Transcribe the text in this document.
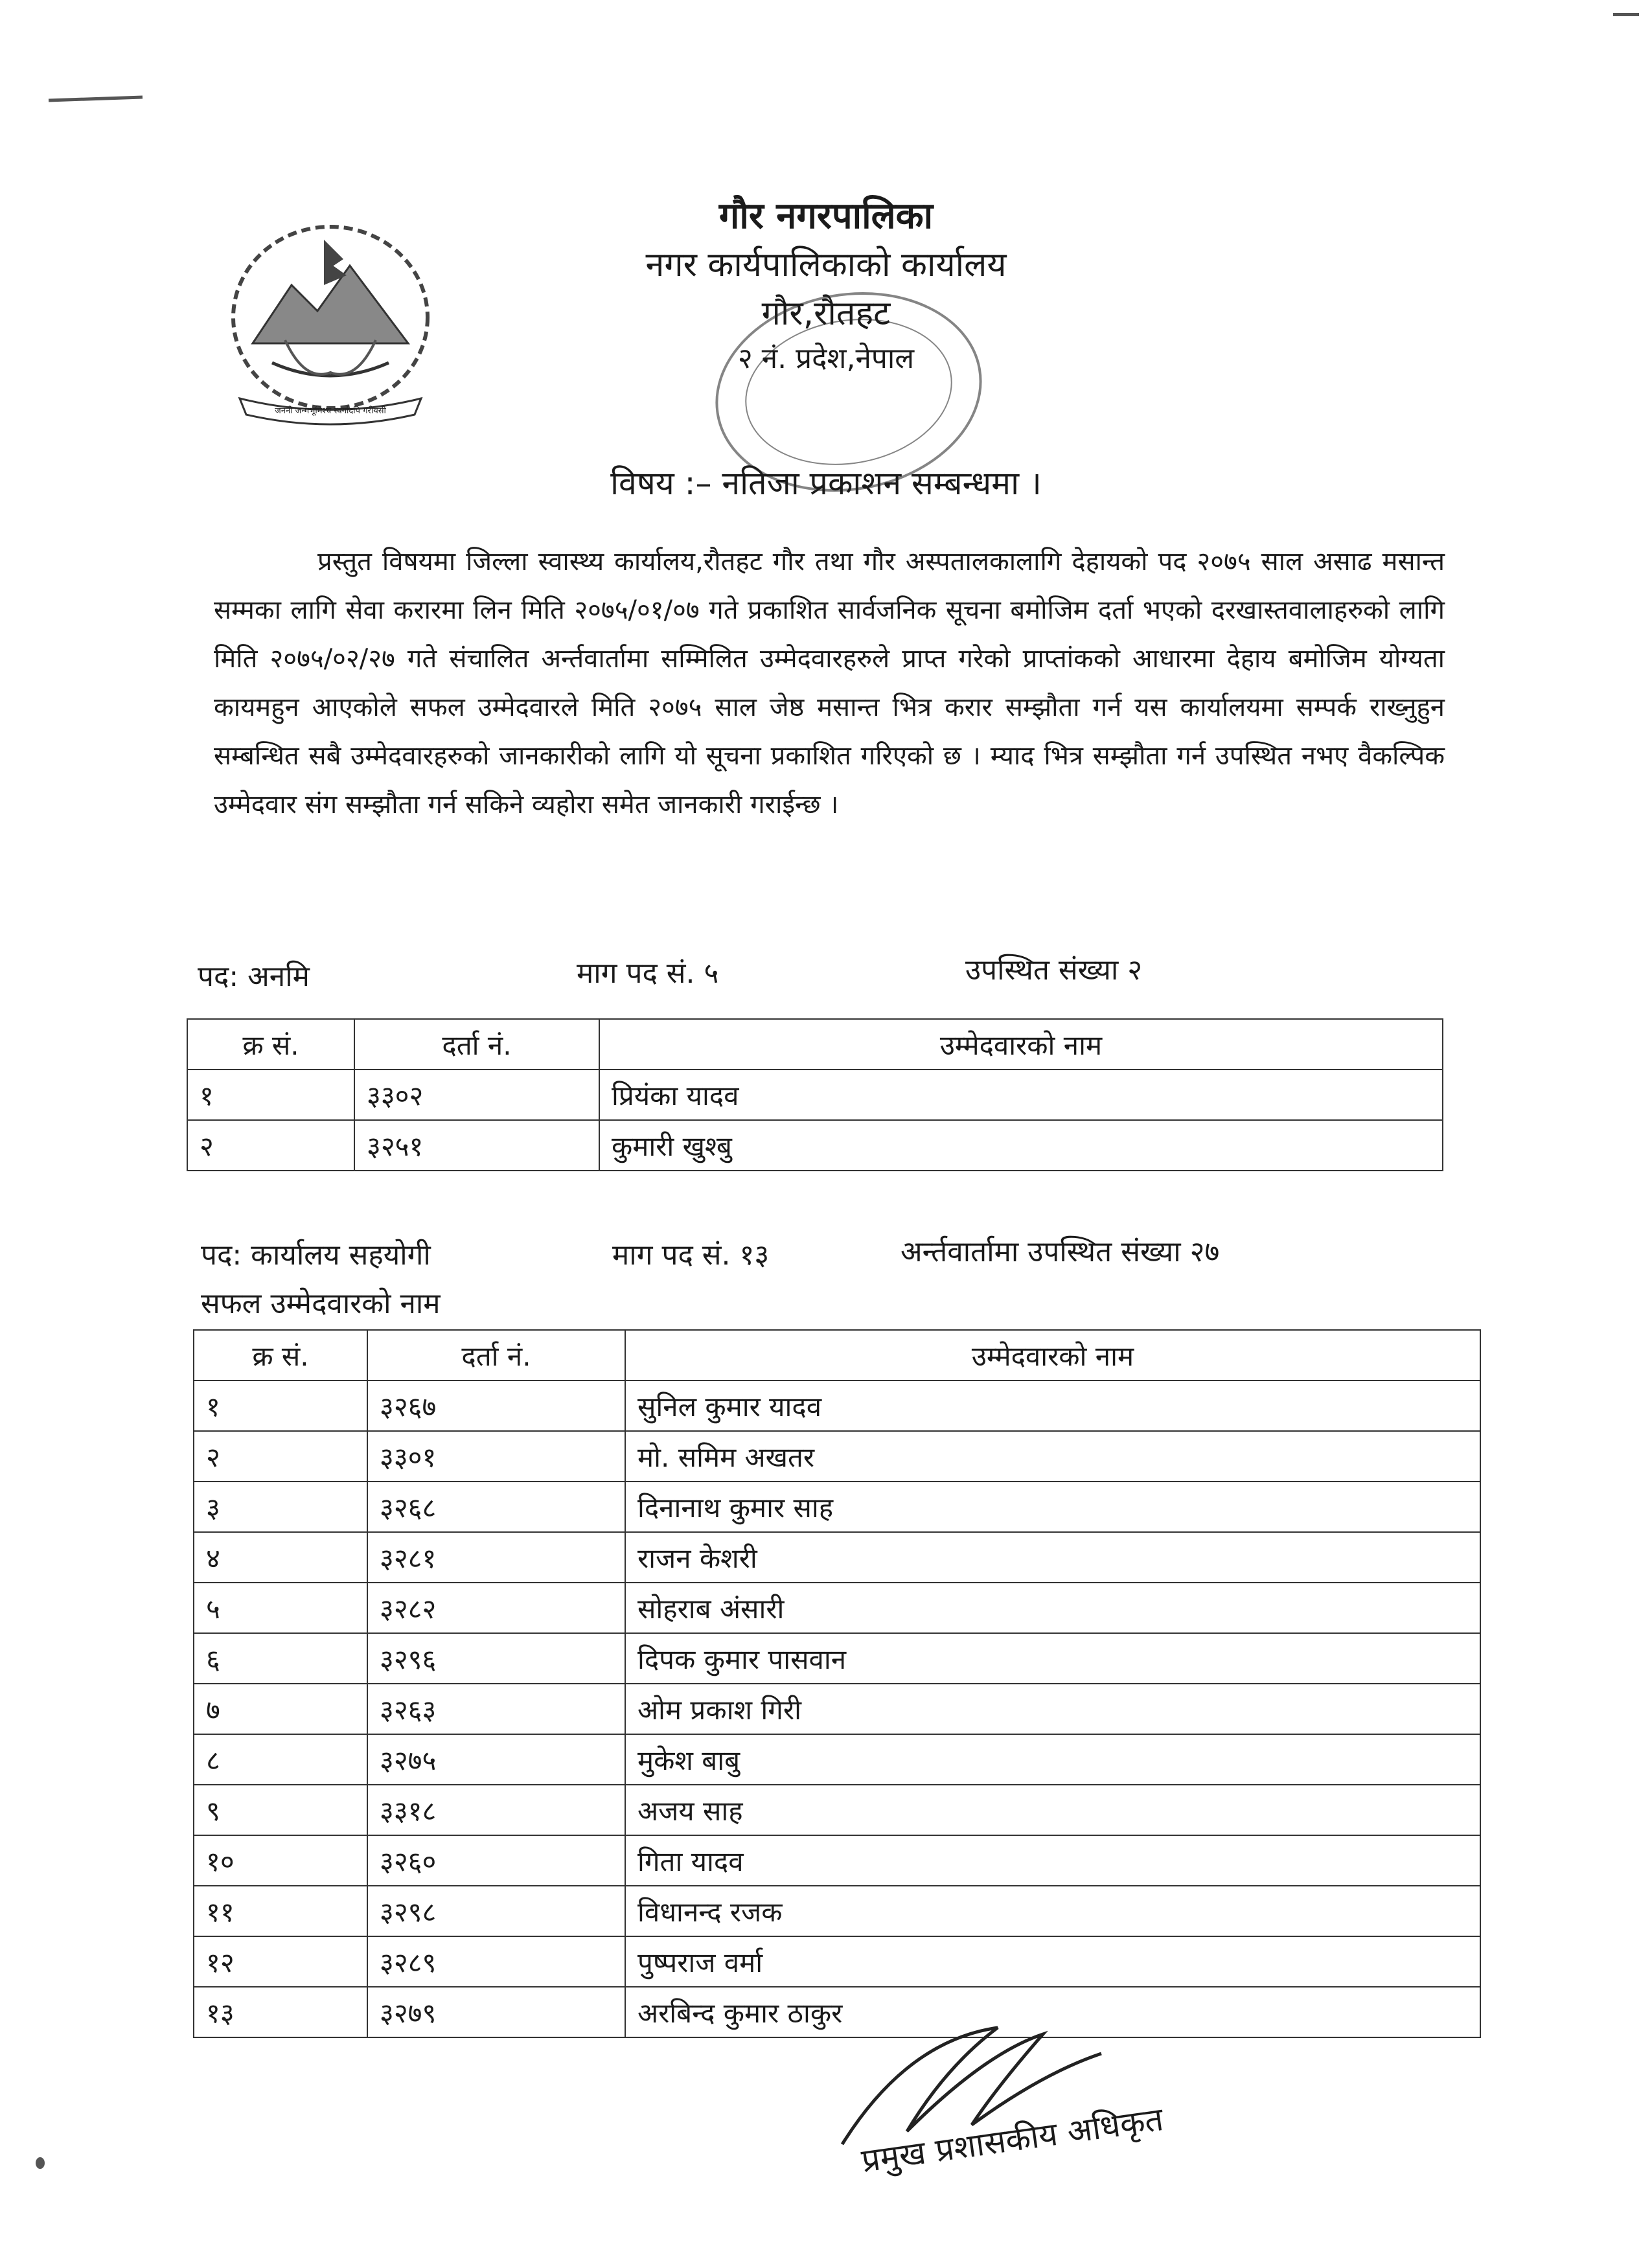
जननी जन्मभूमिश्च स्वर्गादपि गरीयसी
गौर नगरपालिका
नगर कार्यपालिकाको कार्यालय
गौर,रौतहट
२ नं. प्रदेश,नेपाल
विषय :– नतिजा प्रकाशन सम्बन्धमा ।
प्रस्तुत विषयमा जिल्ला स्वास्थ्य कार्यालय,रौतहट गौर तथा गौर अस्पतालकालागि देहायको पद २०७५ साल असाढ मसान्त सम्मका लागि सेवा करारमा लिन मिति २०७५/०१/०७ गते प्रकाशित सार्वजनिक सूचना बमोजिम दर्ता भएको दरखास्तवालाहरुको लागि मिति २०७५/०२/२७ गते संचालित अर्न्तवार्तामा सम्मिलित उम्मेदवारहरुले प्राप्त गरेको प्राप्तांकको आधारमा देहाय बमोजिम योग्यता कायमहुन आएकोले सफल उम्मेदवारले मिति २०७५ साल जेष्ठ मसान्त भित्र करार सम्झौता गर्न यस कार्यालयमा सम्पर्क राख्नुहुन सम्बन्धित सबै उम्मेदवारहरुको जानकारीको लागि यो सूचना प्रकाशित गरिएको छ । म्याद भित्र सम्झौता गर्न उपस्थित नभए वैकल्पिक उम्मेदवार संग सम्झौता गर्न सकिने व्यहोरा समेत जानकारी गराईन्छ ।
पद: अनमि	माग पद सं. ५	उपस्थित संख्या २
क्र सं.	दर्ता नं.	उम्मेदवारको नाम
१	३३०२	प्रियंका यादव
२	३२५१	कुमारी खुश्बु
पद: कार्यालय सहयोगी	माग पद सं. १३	अर्न्तवार्तामा उपस्थित संख्या २७
सफल उम्मेदवारको नाम
क्र सं.	दर्ता नं.	उम्मेदवारको नाम
१	३२६७	सुनिल कुमार यादव
२	३३०१	मो. समिम अखतर
३	३२६८	दिनानाथ कुमार साह
४	३२८१	राजन केशरी
५	३२८२	सोहराब अंसारी
६	३२९६	दिपक कुमार पासवान
७	३२६३	ओम प्रकाश गिरी
८	३२७५	मुकेश बाबु
९	३३१८	अजय साह
१०	३२६०	गिता यादव
११	३२९८	विधानन्द रजक
१२	३२८९	पुष्पराज वर्मा
१३	३२७९	अरबिन्द कुमार ठाकुर
प्रमुख प्रशासकीय अधिकृत
